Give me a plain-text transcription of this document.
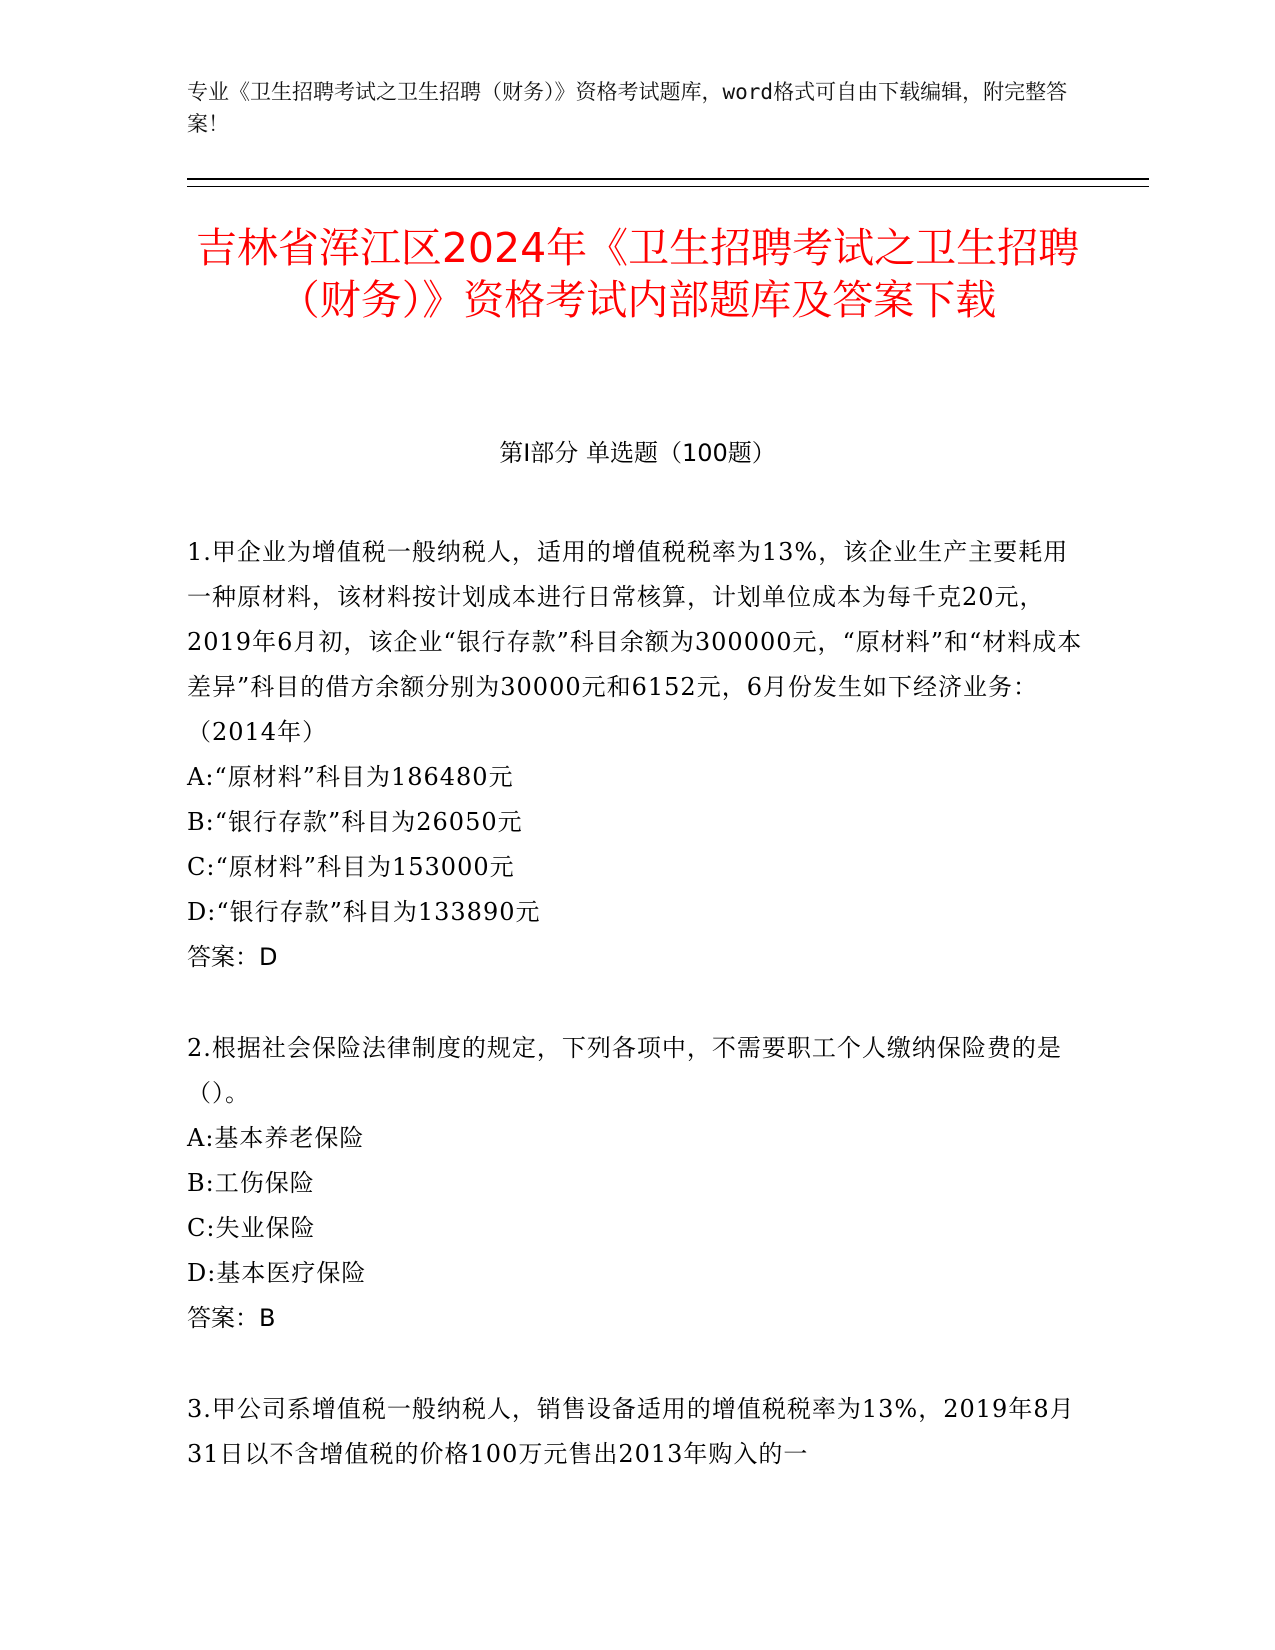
专业《卫生招聘考试之卫生招聘（财务）》资格考试题库，word格式可自由下载编辑，附完整答案！
吉林省浑江区2024年《卫生招聘考试之卫生招聘（财务）》资格考试内部题库及答案下载
第Ⅰ部分 单选题（100题）
1.甲企业为增值税一般纳税人，适用的增值税税率为13%，该企业生产主要耗用一种原材料，该材料按计划成本进行日常核算，计划单位成本为每千克20元，2019年6月初，该企业“银行存款”科目余额为300000元，“原材料”和“材料成本差异”科目的借方余额分别为30000元和6152元，6月份发生如下经济业务：（2014年）
A:“原材料”科目为186480元
B:“银行存款”科目为26050元
C:“原材料”科目为153000元
D:“银行存款”科目为133890元
答案：D
2.根据社会保险法律制度的规定，下列各项中，不需要职工个人缴纳保险费的是（）。
A:基本养老保险
B:工伤保险
C:失业保险
D:基本医疗保险
答案：B
3.甲公司系增值税一般纳税人，销售设备适用的增值税税率为13%，2019年8月31日以不含增值税的价格100万元售出2013年购入的一
